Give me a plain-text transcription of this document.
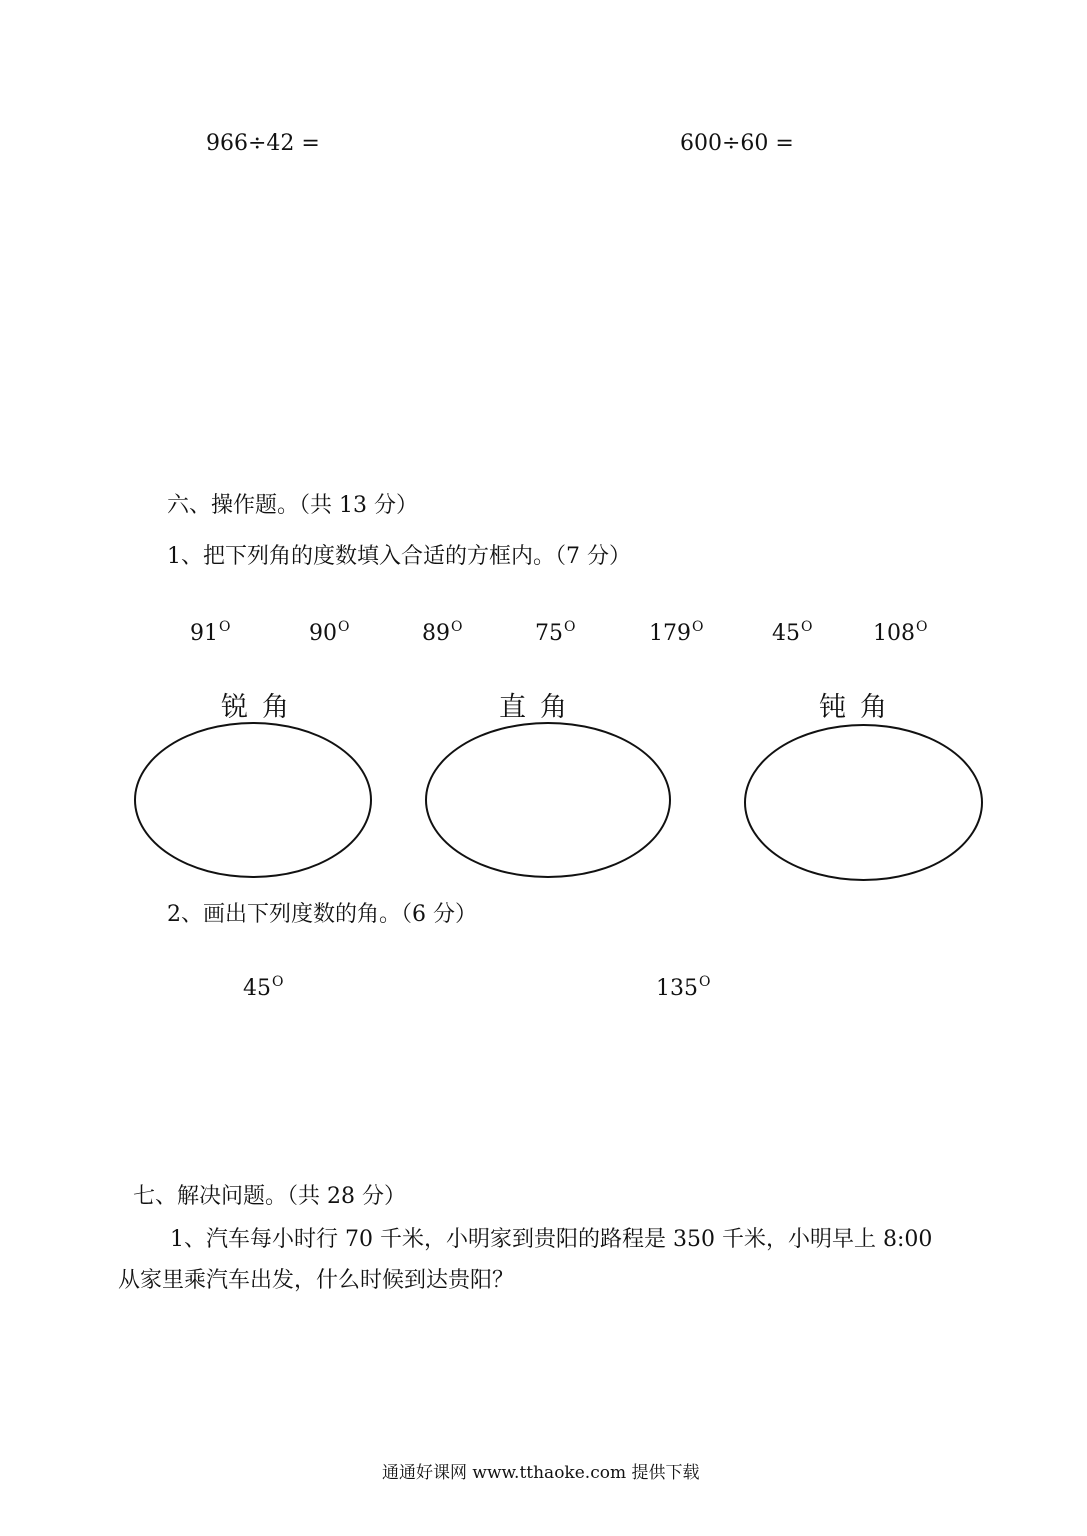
966÷42 =	600÷60 =
六、操作题。（共 13 分）
1、把下列角的度数填入合适的方框内。（7 分）
$91^O$	$90^O$	$89^O$	$75^O$	$179^O$	$45^O$	$108^O$
锐角	直角	钝角
2、画出下列度数的角。（6 分）
$45^O$	$135^O$
七、解决问题。（共 28 分）
1、汽车每小时行 70 千米，小明家到贵阳的路程是 350 千米，小明早上 8:00
从家里乘汽车出发，什么时候到达贵阳？
通通好课网 www.tthaoke.com 提供下载
